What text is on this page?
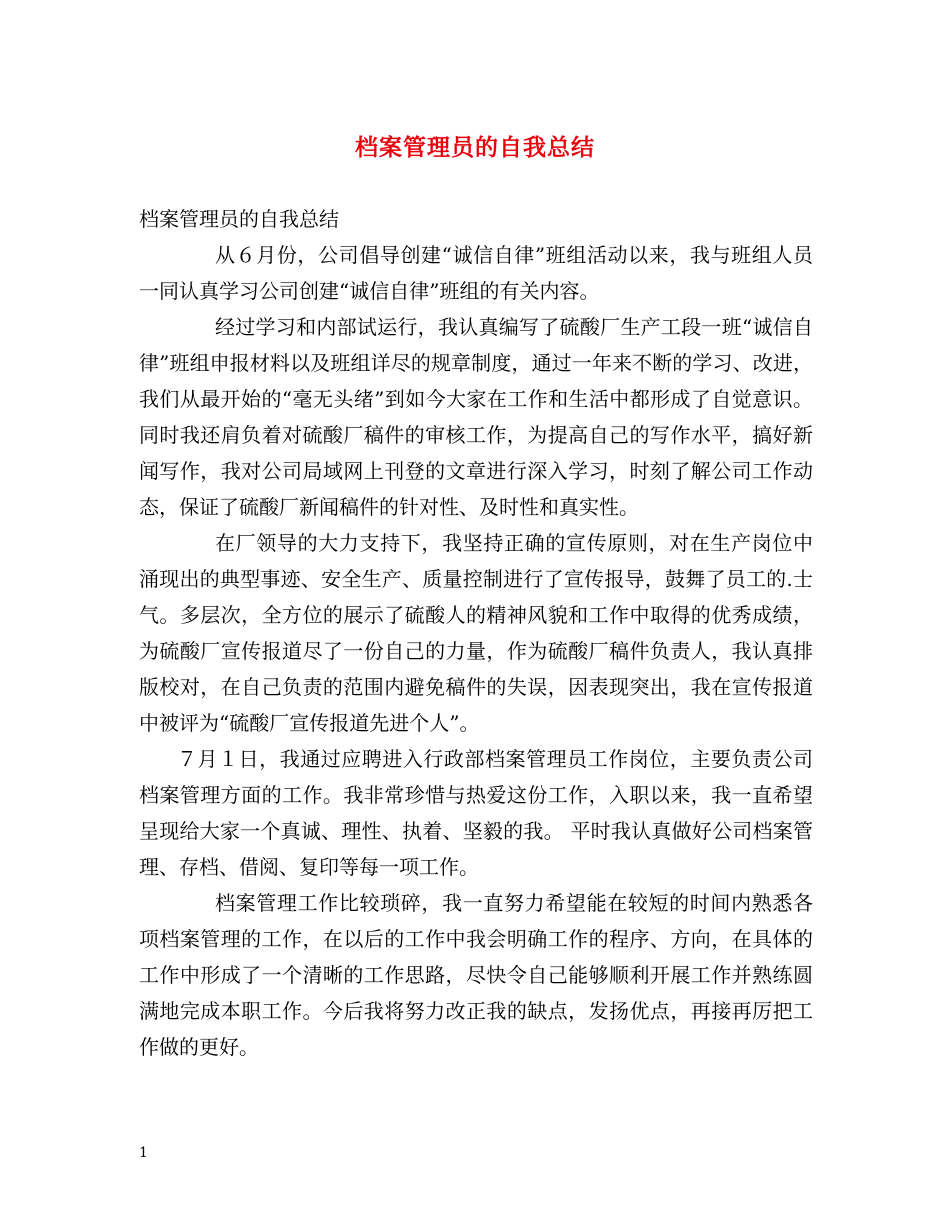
档案管理员的自我总结

档案管理员的自我总结

从６月份，公司倡导创建“诚信自律”班组活动以来，我与班组人员一同认真学习公司创建“诚信自律”班组的有关内容。

经过学习和内部试运行，我认真编写了硫酸厂生产工段一班“诚信自律”班组申报材料以及班组详尽的规章制度，通过一年来不断的学习、改进，我们从最开始的“毫无头绪”到如今大家在工作和生活中都形成了自觉意识。同时我还肩负着对硫酸厂稿件的审核工作，为提高自己的写作水平，搞好新闻写作，我对公司局域网上刊登的文章进行深入学习，时刻了解公司工作动态，保证了硫酸厂新闻稿件的针对性、及时性和真实性。

在厂领导的大力支持下，我坚持正确的宣传原则，对在生产岗位中涌现出的典型事迹、安全生产、质量控制进行了宣传报导，鼓舞了员工的.士气。多层次，全方位的展示了硫酸人的精神风貌和工作中取得的优秀成绩，为硫酸厂宣传报道尽了一份自己的力量，作为硫酸厂稿件负责人，我认真排版校对，在自己负责的范围内避免稿件的失误，因表现突出，我在宣传报道中被评为“硫酸厂宣传报道先进个人”。

７月１日，我通过应聘进入行政部档案管理员工作岗位，主要负责公司档案管理方面的工作。我非常珍惜与热爱这份工作，入职以来，我一直希望呈现给大家一个真诚、理性、执着、坚毅的我。 平时我认真做好公司档案管理、存档、借阅、复印等每一项工作。

档案管理工作比较琐碎，我一直努力希望能在较短的时间内熟悉各项档案管理的工作，在以后的工作中我会明确工作的程序、方向，在具体的工作中形成了一个清晰的工作思路，尽快令自己能够顺利开展工作并熟练圆满地完成本职工作。今后我将努力改正我的缺点，发扬优点，再接再厉把工作做的更好。

1
